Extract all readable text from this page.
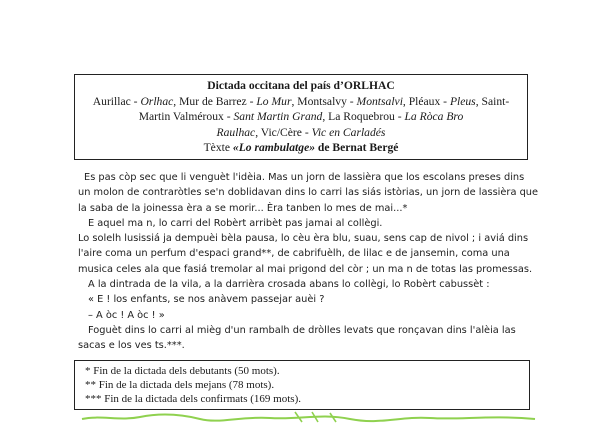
Dictada occitana del país d’ORLHAC
Aurillac - Orlhac, Mur de Barrez - Lo Mur, Montsalvy - Montsalvi, Pléaux - Pleus, Saint-
Martin Valméroux - Sant Martin Grand, La Roquebrou - La Ròca Bro
Raulhac, Vic/Cère - Vic en Carladés
Tèxte «Lo rambulatge» de Bernat Bergé

Es pas còp sec que li venguèt l'idèia. Mas un jorn de lassièra que los escolans preses dins

un molon de contraròtles se'n doblidavan dins lo carri las siás istòrias, un jorn de lassièra que

la saba de la joinessa èra a se morir... Èra tanben lo mes de mai...*

E aquel ma n, lo carri del Robèrt arribèt pas jamai al collègi.

Lo solelh lusissiá ja dempuèi bèla pausa, lo cèu èra blu, suau, sens cap de nivol ; i aviá dins

l'aire coma un perfum d'espaci grand**, de cabrifuèlh, de lilac e de jansemin, coma una

musica celes ala que fasiá tremolar al mai prigond del còr ; un ma n de totas las promessas.

A la dintrada de la vila, a la darrièra crosada abans lo collègi, lo Robèrt cabussèt :

« E ! los enfants, se nos anàvem passejar auèi ?

– A òc ! A òc ! »

Foguèt dins lo carri al mièg d'un rambalh de dròlles levats que ronçavan dins l'alèia las

sacas e los ves ts.***.

* Fin de la dictada dels debutants (50 mots).

** Fin de la dictada dels mejans (78 mots).

*** Fin de la dictada dels confirmats (169 mots).
